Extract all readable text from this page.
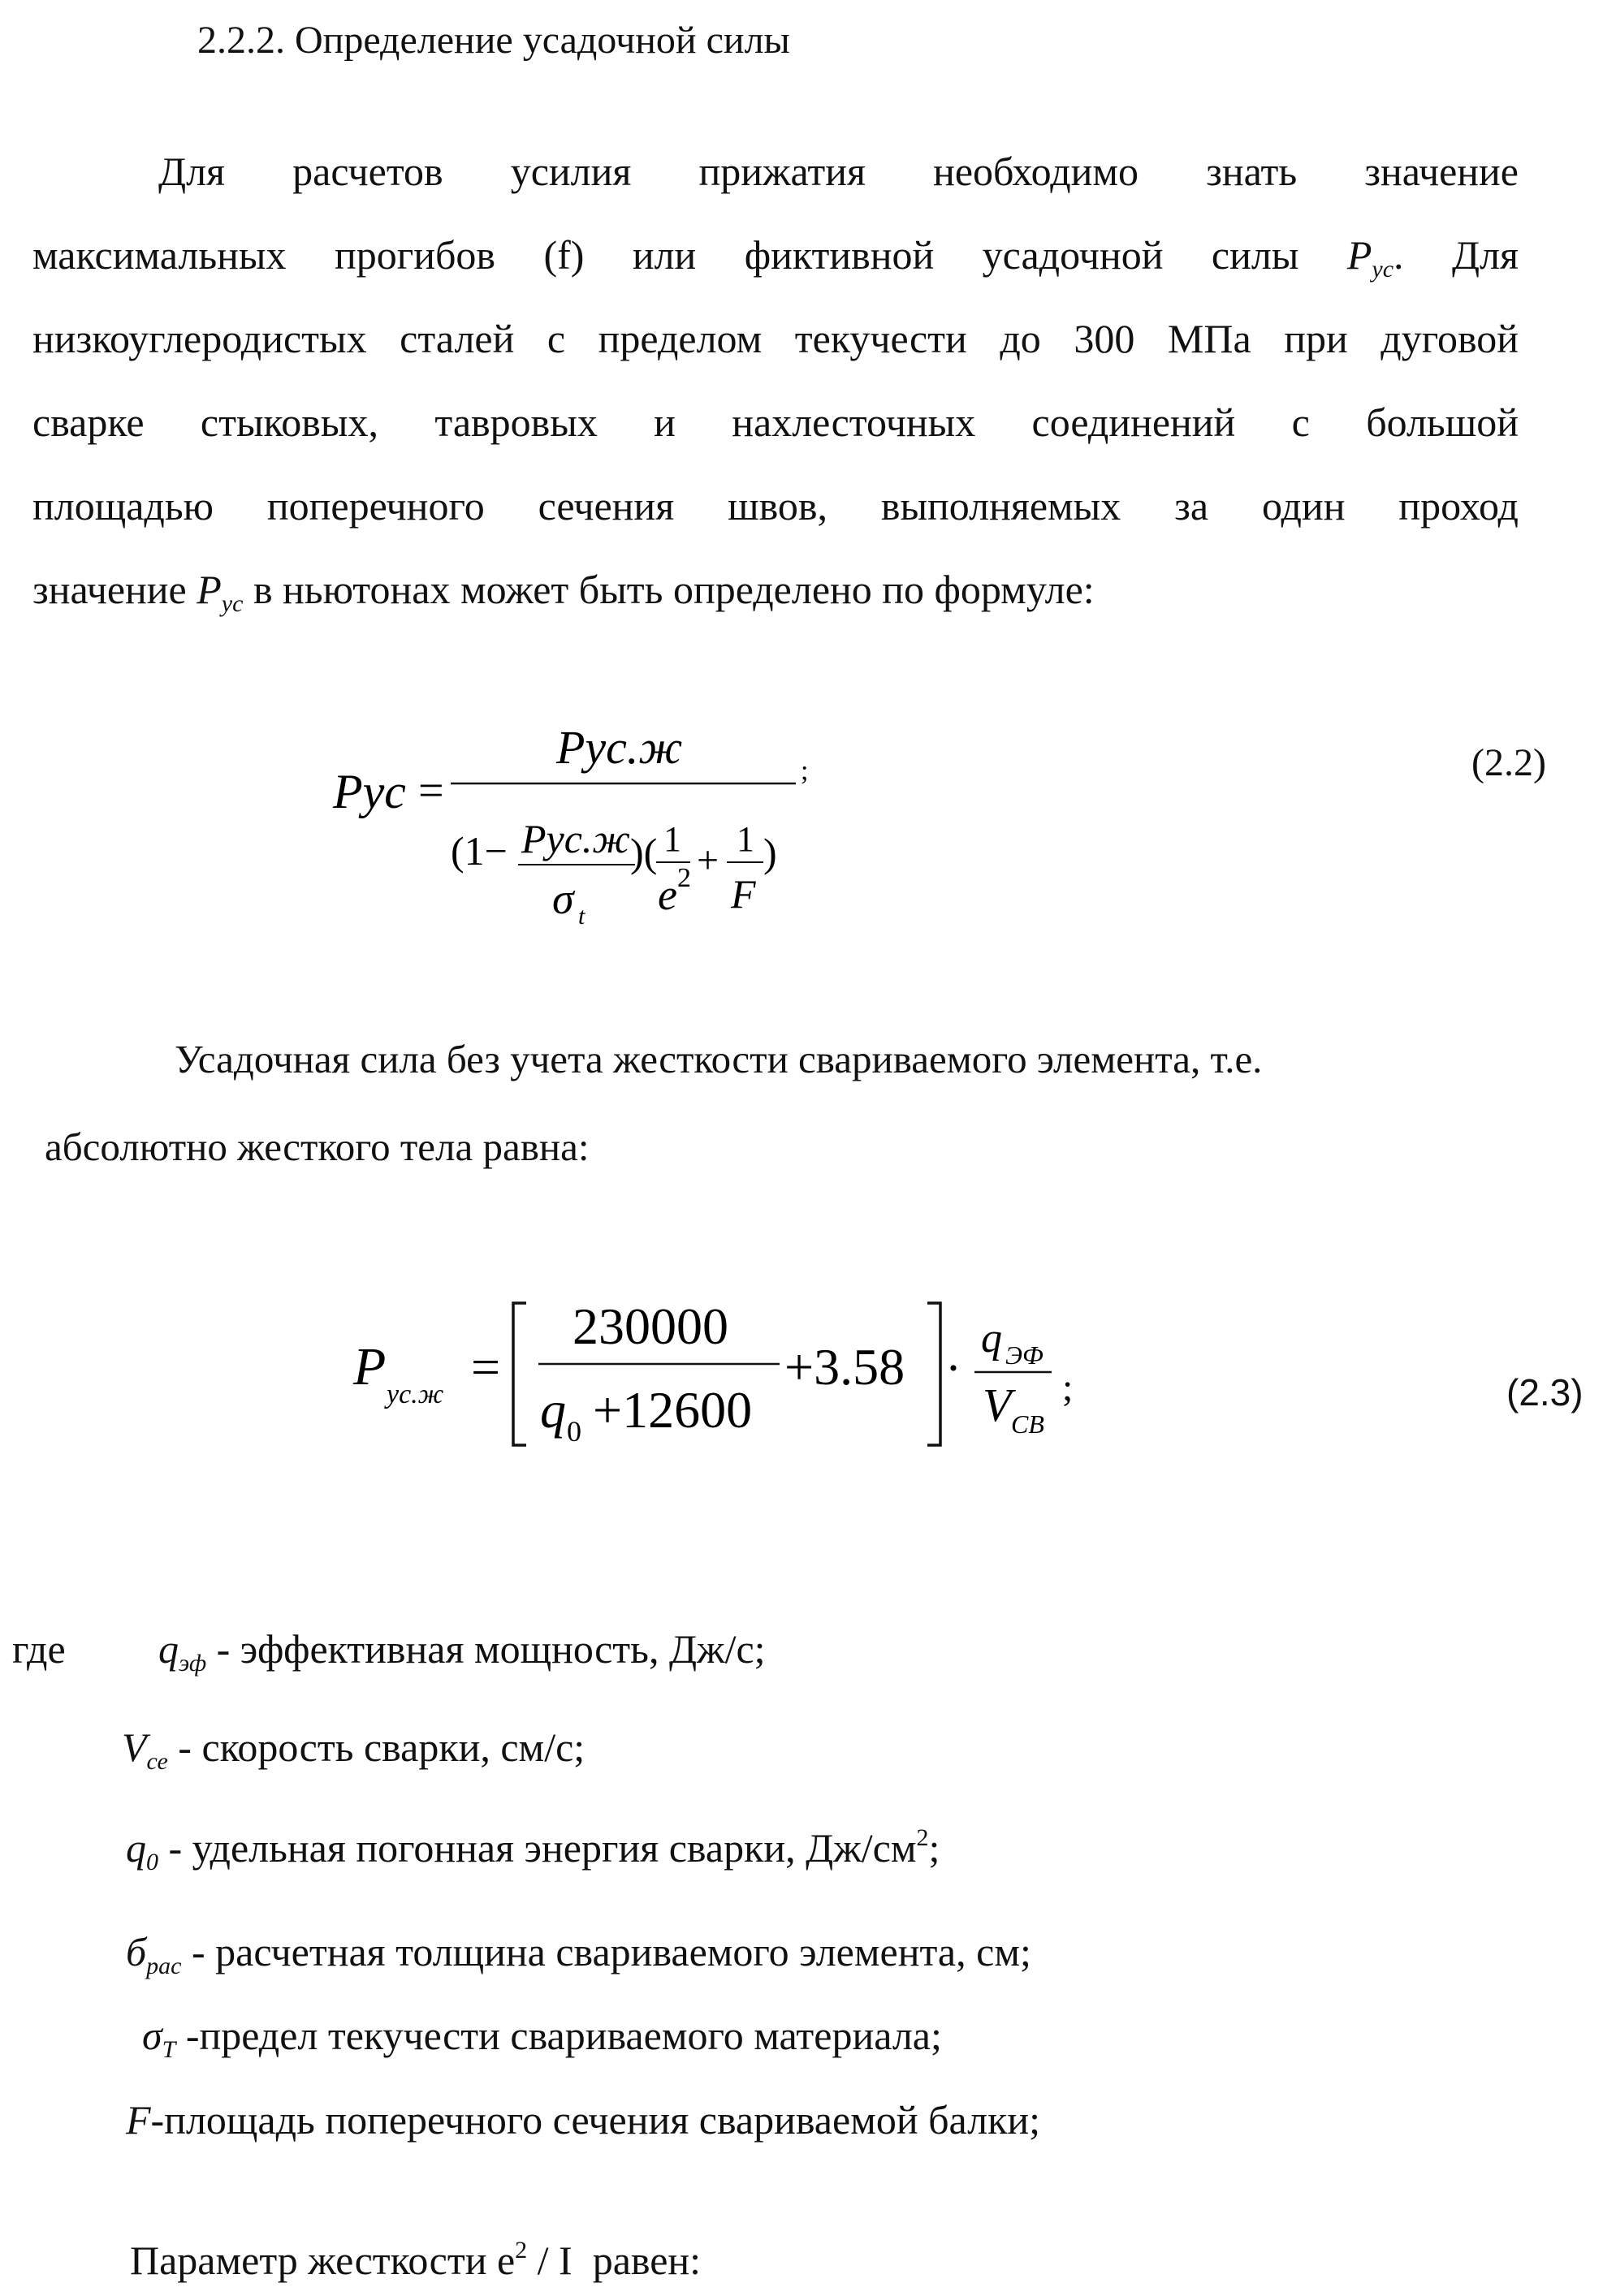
2.2.2. Определение усадочной силы
Для расчетов усилия прижатия необходимо знать значение
максимальных прогибов (f) или фиктивной усадочной силы $P_{ус}$. Для
низкоуглеродистых сталей с пределом текучести до 300 МПа при дуговой
сварке стыковых, тавровых и нахлесточных соединений с большой
площадью поперечного сечения швов, выполняемых за один проход
значение $P_{ус}$ в ньютонах может быть определено по формуле:
Pус =
Pус.ж	;
(1− Pус.ж
σ t
)( 1
e 2 + 1
F
)
(2.2)
Усадочная сила без учета жесткости свариваемого элемента, т.е.
абсолютно жесткого тела равна:
P ус.ж =
230000
q 0 +12600
+3.58 ·
q ЭФ
V СВ
;	(2.3)
где $q_{эф}$ - эффективная мощность, Дж/с;
$V_{се}$ - скорость сварки, см/с;
$q_0$ - удельная погонная энергия сварки, $Дж/см^2$;
$б_{рас}$ - расчетная толщина свариваемого элемента, см;
$\sigma_T$ -предел текучести свариваемого материала;
F-площадь поперечного сечения свариваемой балки;
Параметр жесткости $е^2$ / I  равен:
